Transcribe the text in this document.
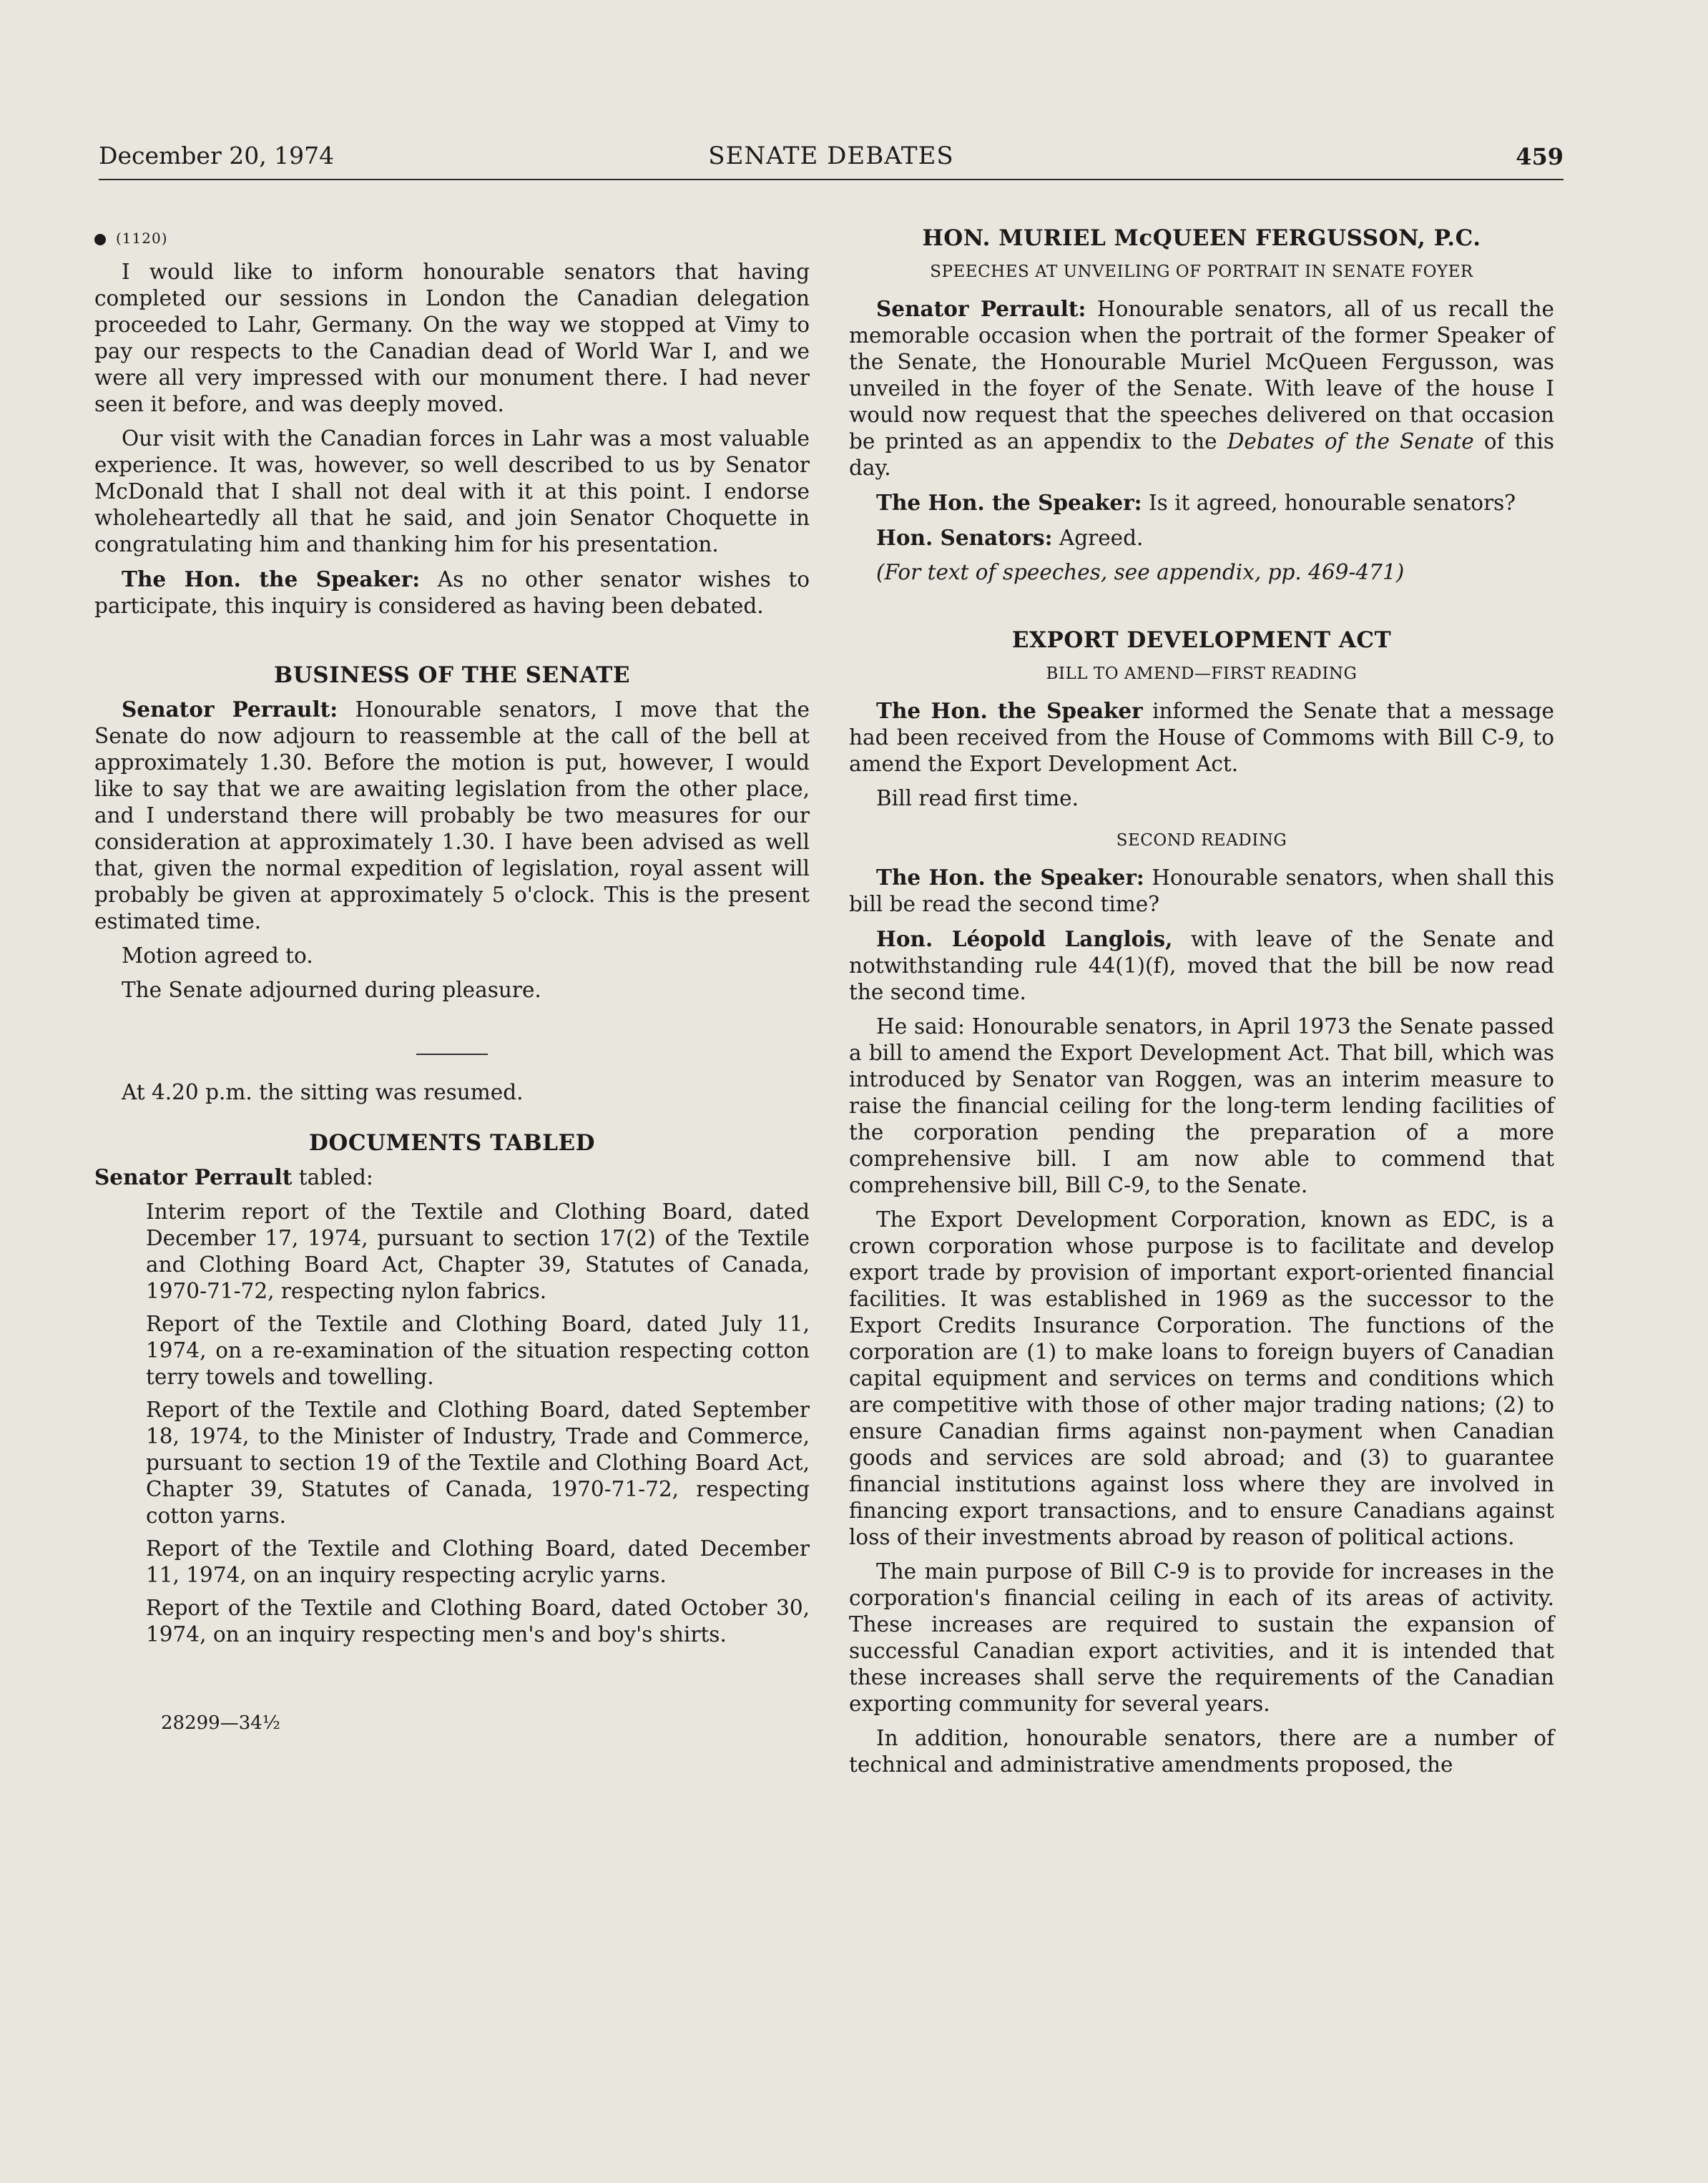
December 20, 1974	SENATE DEBATES	459
(1120)

I would like to inform honourable senators that having completed our sessions in London the Canadian delegation proceeded to Lahr, Germany. On the way we stopped at Vimy to pay our respects to the Canadian dead of World War I, and we were all very impressed with our monument there. I had never seen it before, and was deeply moved.

Our visit with the Canadian forces in Lahr was a most valuable experience. It was, however, so well described to us by Senator McDonald that I shall not deal with it at this point. I endorse wholeheartedly all that he said, and join Senator Choquette in congratulating him and thanking him for his presentation.

The Hon. the Speaker: As no other senator wishes to participate, this inquiry is considered as having been debated.

BUSINESS OF THE SENATE

Senator Perrault: Honourable senators, I move that the Senate do now adjourn to reassemble at the call of the bell at approximately 1.30. Before the motion is put, however, I would like to say that we are awaiting legislation from the other place, and I understand there will probably be two measures for our consideration at approximately 1.30. I have been advised as well that, given the normal expedition of legislation, royal assent will probably be given at approximately 5 o'clock. This is the present estimated time.

Motion agreed to.

The Senate adjourned during pleasure.

At 4.20 p.m. the sitting was resumed.

DOCUMENTS TABLED

Senator Perrault tabled:

Interim report of the Textile and Clothing Board, dated December 17, 1974, pursuant to section 17(2) of the Textile and Clothing Board Act, Chapter 39, Statutes of Canada, 1970-71-72, respecting nylon fabrics.

Report of the Textile and Clothing Board, dated July 11, 1974, on a re-examination of the situation respecting cotton terry towels and towelling.

Report of the Textile and Clothing Board, dated September 18, 1974, to the Minister of Industry, Trade and Commerce, pursuant to section 19 of the Textile and Clothing Board Act, Chapter 39, Statutes of Canada, 1970-71-72, respecting cotton yarns.

Report of the Textile and Clothing Board, dated December 11, 1974, on an inquiry respecting acrylic yarns.

Report of the Textile and Clothing Board, dated October 30, 1974, on an inquiry respecting men's and boy's shirts.

HON. MURIEL McQUEEN FERGUSSON, P.C.
SPEECHES AT UNVEILING OF PORTRAIT IN SENATE FOYER

Senator Perrault: Honourable senators, all of us recall the memorable occasion when the portrait of the former Speaker of the Senate, the Honourable Muriel McQueen Fergusson, was unveiled in the foyer of the Senate. With leave of the house I would now request that the speeches delivered on that occasion be printed as an appendix to the Debates of the Senate of this day.

The Hon. the Speaker: Is it agreed, honourable senators?

Hon. Senators: Agreed.

(For text of speeches, see appendix, pp. 469-471)

EXPORT DEVELOPMENT ACT
BILL TO AMEND—FIRST READING

The Hon. the Speaker informed the Senate that a message had been received from the House of Commoms with Bill C-9, to amend the Export Development Act.

Bill read first time.

SECOND READING

The Hon. the Speaker: Honourable senators, when shall this bill be read the second time?

Hon. Léopold Langlois, with leave of the Senate and notwithstanding rule 44(1)(f), moved that the bill be now read the second time.

He said: Honourable senators, in April 1973 the Senate passed a bill to amend the Export Development Act. That bill, which was introduced by Senator van Roggen, was an interim measure to raise the financial ceiling for the long-term lending facilities of the corporation pending the preparation of a more comprehensive bill. I am now able to commend that comprehensive bill, Bill C-9, to the Senate.

The Export Development Corporation, known as EDC, is a crown corporation whose purpose is to facilitate and develop export trade by provision of important export-oriented financial facilities. It was established in 1969 as the successor to the Export Credits Insurance Corporation. The functions of the corporation are (1) to make loans to foreign buyers of Canadian capital equipment and services on terms and conditions which are competitive with those of other major trading nations; (2) to ensure Canadian firms against non-payment when Canadian goods and services are sold abroad; and (3) to guarantee financial institutions against loss where they are involved in financing export transactions, and to ensure Canadians against loss of their investments abroad by reason of political actions.

The main purpose of Bill C-9 is to provide for increases in the corporation's financial ceiling in each of its areas of activity. These increases are required to sustain the expansion of successful Canadian export activities, and it is intended that these increases shall serve the requirements of the Canadian exporting community for several years.

In addition, honourable senators, there are a number of technical and administrative amendments proposed, the

28299—34½
